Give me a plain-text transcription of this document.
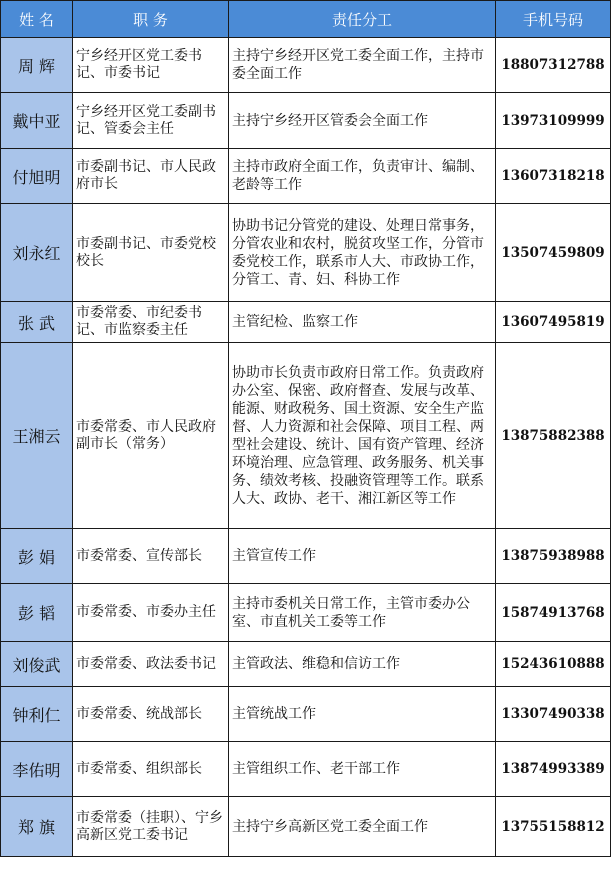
姓 名	职 务	责任分工	手机号码
周 辉	宁乡经开区党工委书记、市委书记	主持宁乡经开区党工委全面工作，主持市委全面工作	18807312788
戴中亚	宁乡经开区党工委副书记、管委会主任	主持宁乡经开区管委会全面工作	13973109999
付旭明	市委副书记、市人民政府市长	主持市政府全面工作，负责审计、编制、老龄等工作	13607318218
刘永红	市委副书记、市委党校校长	协助书记分管党的建设、处理日常事务，分管农业和农村，脱贫攻坚工作，分管市委党校工作，联系市人大、市政协工作，分管工、青、妇、科协工作	13507459809
张 武	市委常委、市纪委书记、市监察委主任	主管纪检、监察工作	13607495819
王湘云	市委常委、市人民政府副市长（常务）	协助市长负责市政府日常工作。负责政府办公室、保密、政府督查、发展与改革、能源、财政税务、国土资源、安全生产监督、人力资源和社会保障、项目工程、两型社会建设、统计、国有资产管理、经济环境治理、应急管理、政务服务、机关事务、绩效考核、投融资管理等工作。联系人大、政协、老干、湘江新区等工作	13875882388
彭 娟	市委常委、宣传部长	主管宣传工作	13875938988
彭 韬	市委常委、市委办主任	主持市委机关日常工作，主管市委办公室、市直机关工委等工作	15874913768
刘俊武	市委常委、政法委书记	主管政法、维稳和信访工作	15243610888
钟利仁	市委常委、统战部长	主管统战工作	13307490338
李佑明	市委常委、组织部长	主管组织工作、老干部工作	13874993389
郑 旗	市委常委（挂职）、宁乡高新区党工委书记	主持宁乡高新区党工委全面工作	13755158812
